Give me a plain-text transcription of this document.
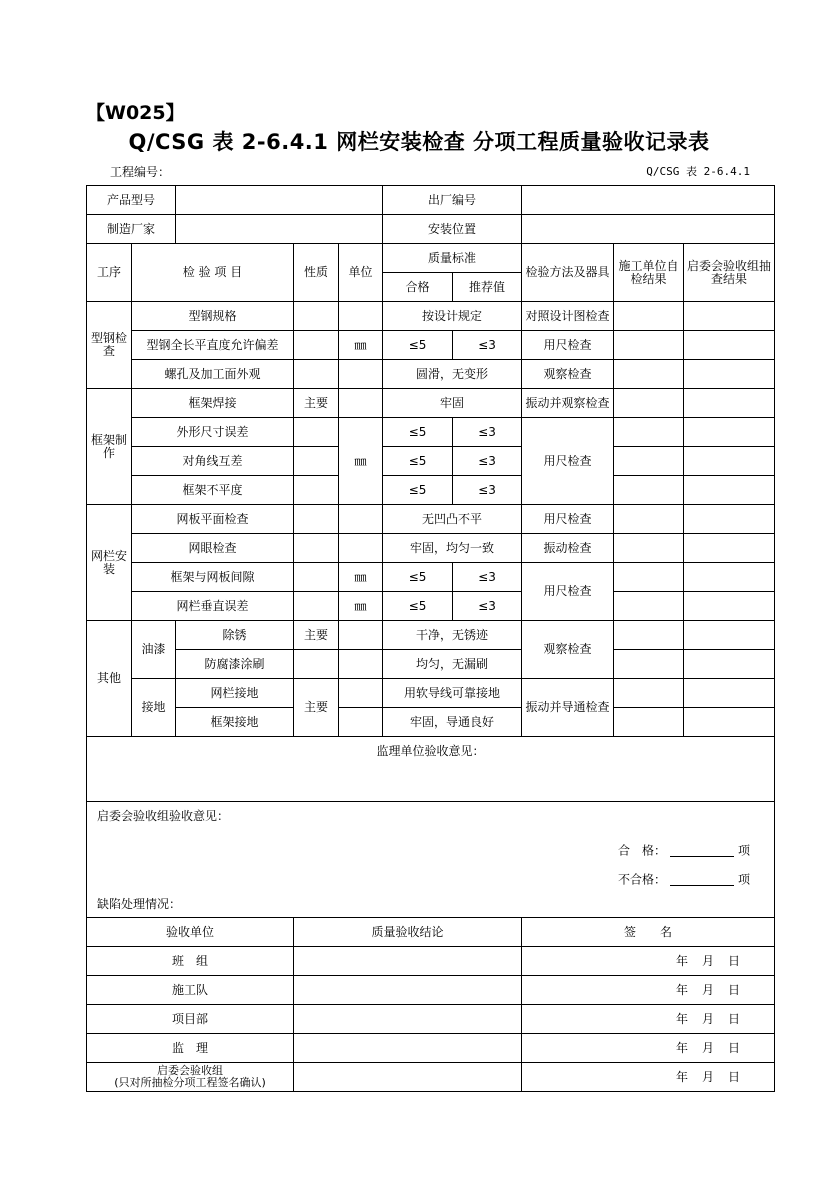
【W025】
Q/CSG 表 2-6.4.1 网栏安装检查 分项工程质量验收记录表
工程编号：	Q/CSG 表 2-6.4.1
产品型号					出厂编号				
制造厂家					安装位置				
工序	检 验 项 目		性质	单位	质量标准		检验方法及器具	施工单位自检结果	启委会验收组抽查结果
					合格	推荐值			
型钢检查	型钢规格				按设计规定		对照设计图检查		
	型钢全长平直度允许偏差			㎜	≤5	≤3	用尺检查		
	螺孔及加工面外观				圆滑，无变形		观察检查		
框架制作	框架焊接		主要		牢固		振动并观察检查		
	外形尺寸误差			㎜	≤5	≤3	用尺检查		
	对角线互差				≤5	≤3			
	框架不平度				≤5	≤3			
网栏安装	网板平面检查				无凹凸不平		用尺检查		
	网眼检查				牢固，均匀一致		振动检查		
	框架与网板间隙			㎜	≤5	≤3	用尺检查		
	网栏垂直误差			㎜	≤5	≤3			
其他	油漆	除锈	主要		干净，无锈迹		观察检查		
		防腐漆涂刷			均匀，无漏刷				
	接地	网栏接地	主要		用软导线可靠接地		振动并导通检查		
		框架接地			牢固，导通良好				
监理单位验收意见：									

启委会验收组验收意见：
合　格： 项
不合格： 项
缺陷处理情况：									

验收单位			质量验收结论				签　　名		
班　组							年 月 日		
施工队							年 月 日		
项目部							年 月 日		
监　理							年 月 日		
启委会验收组
(只对所抽检分项工程签名确认)							年 月 日		
